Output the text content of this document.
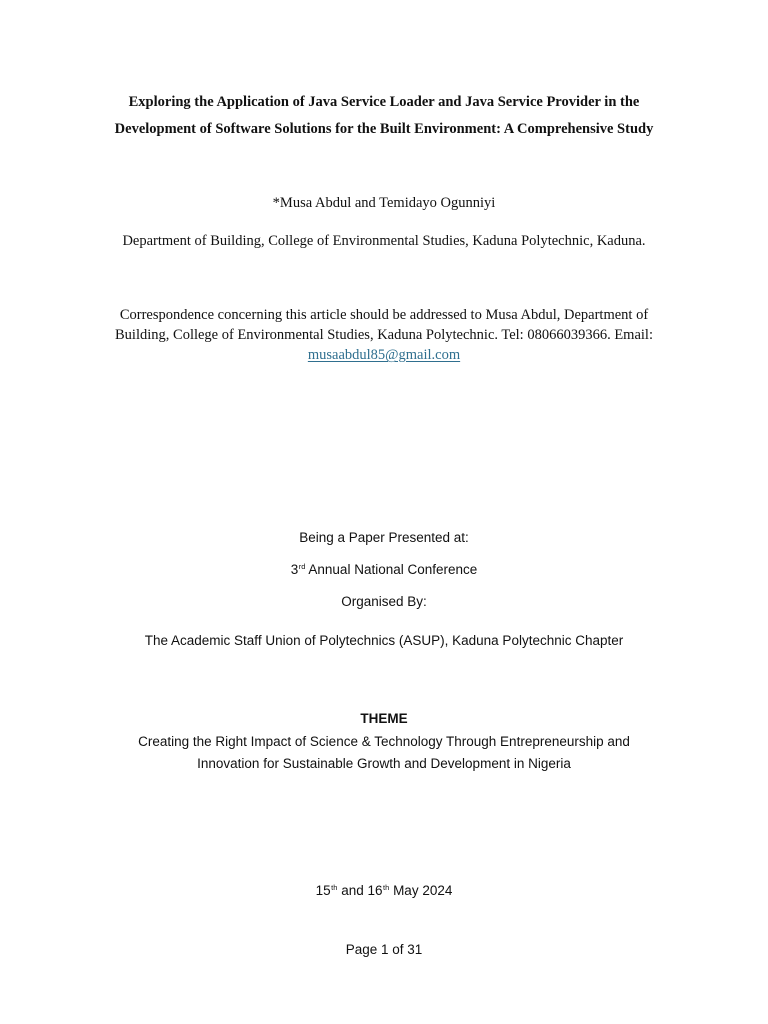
Exploring the Application of Java Service Loader and Java Service Provider in the
Development of Software Solutions for the Built Environment: A Comprehensive Study
*Musa Abdul and Temidayo Ogunniyi
Department of Building, College of Environmental Studies, Kaduna Polytechnic, Kaduna.
Correspondence concerning this article should be addressed to Musa Abdul, Department of
Building, College of Environmental Studies, Kaduna Polytechnic. Tel: 08066039366. Email:
musaabdul85@gmail.com
Being a Paper Presented at:
3rd Annual National Conference
Organised By:
The Academic Staff Union of Polytechnics (ASUP), Kaduna Polytechnic Chapter
THEME
Creating the Right Impact of Science & Technology Through Entrepreneurship and
Innovation for Sustainable Growth and Development in Nigeria
15th and 16th May 2024
Page 1 of 31
